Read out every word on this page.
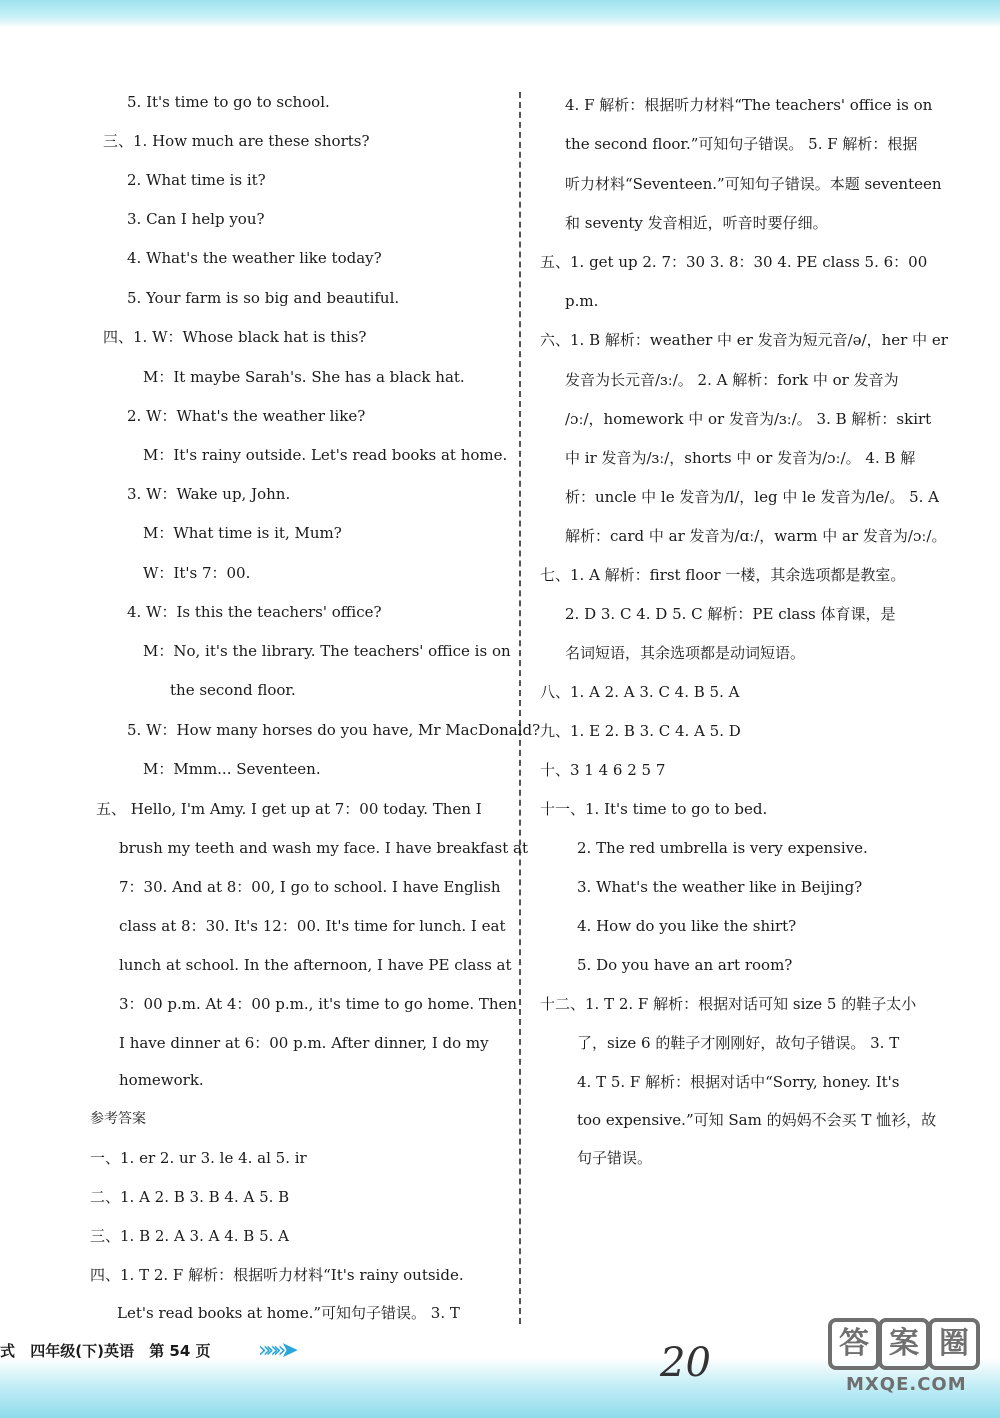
5. It's time to go to school.
三、1. How much are these shorts?
2. What time is it?
3. Can I help you?
4. What's the weather like today?
5. Your farm is so big and beautiful.
四、1. W：Whose black hat is this?
M：It maybe Sarah's. She has a black hat.
2. W：What's the weather like?
M：It's rainy outside. Let's read books at home.
3. W：Wake up, John.
M：What time is it, Mum?
W：It's 7：00.
4. W：Is this the teachers' office?
M：No, it's the library. The teachers' office is on
the second floor.
5. W：How many horses do you have, Mr MacDonald?
M：Mmm... Seventeen.
五、 Hello, I'm Amy. I get up at 7：00 today. Then I
brush my teeth and wash my face. I have breakfast at
7：30. And at 8：00, I go to school. I have English
class at 8：30. It's 12：00. It's time for lunch. I eat
lunch at school. In the afternoon, I have PE class at
3：00 p.m. At 4：00 p.m., it's time to go home. Then
I have dinner at 6：00 p.m. After dinner, I do my
homework.
参考答案
一、1. er 2. ur 3. le 4. al 5. ir
二、1. A 2. B 3. B 4. A 5. B
三、1. B 2. A 3. A 4. B 5. A
四、1. T 2. F 解析：根据听力材料“It's rainy outside.
Let's read books at home.”可知句子错误。 3. T
4. F 解析：根据听力材料“The teachers' office is on
the second floor.”可知句子错误。 5. F 解析：根据
听力材料“Seventeen.”可知句子错误。本题 seventeen
和 seventy 发音相近，听音时要仔细。
五、1. get up 2. 7：30 3. 8：30 4. PE class 5. 6：00
p.m.
六、1. B 解析：weather 中 er 发音为短元音/ə/，her 中 er
发音为长元音/ɜː/。 2. A 解析：fork 中 or 发音为
/ɔː/，homework 中 or 发音为/ɜː/。 3. B 解析：skirt
中 ir 发音为/ɜː/，shorts 中 or 发音为/ɔː/。 4. B 解
析：uncle 中 le 发音为/l/，leg 中 le 发音为/le/。 5. A
解析：card 中 ar 发音为/ɑː/，warm 中 ar 发音为/ɔː/。
七、1. A 解析：first floor 一楼，其余选项都是教室。
2. D 3. C 4. D 5. C 解析：PE class 体育课，是
名词短语，其余选项都是动词短语。
八、1. A 2. A 3. C 4. B 5. A
九、1. E 2. B 3. C 4. A 5. D
十、3 1 4 6 2 5 7
十一、1. It's time to go to bed.
2. The red umbrella is very expensive.
3. What's the weather like in Beijing?
4. How do you like the shirt?
5. Do you have an art room?
十二、1. T 2. F 解析：根据对话可知 size 5 的鞋子太小
了，size 6 的鞋子才刚刚好，故句子错误。 3. T
4. T 5. F 解析：根据对话中“Sorry, honey. It's
too expensive.”可知 Sam 的妈妈不会买 T 恤衫，故
句子错误。
式 四年级(下)英语 第 54 页	»»»➤	20	答 案 圈
MXQE.COM
